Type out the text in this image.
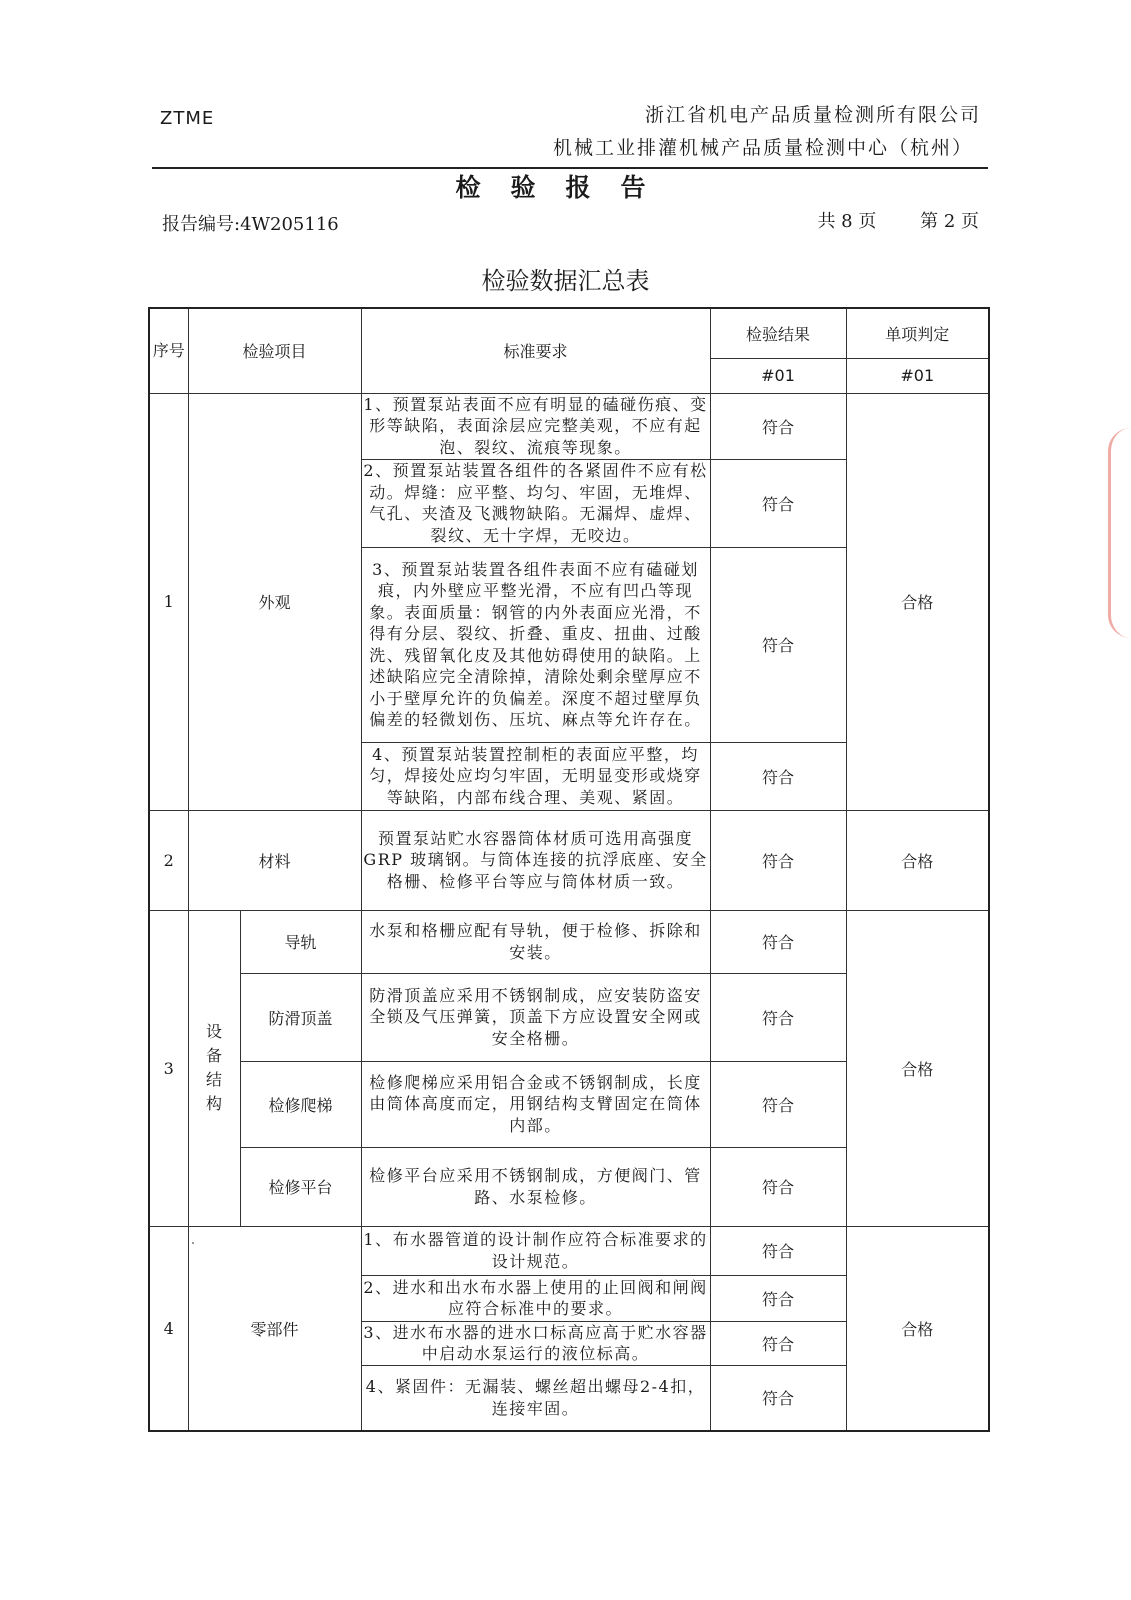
ZTME	浙江省机电产品质量检测所有限公司
机械工业排灌机械产品质量检测中心（杭州）
检验报告
报告编号:4W205116	共 8 页 第 2 页
检验数据汇总表
序号	检验项目		标准要求	检验结果	单项判定
				#01	#01
1	外观		1、预置泵站表面不应有明显的磕碰伤痕、变形等缺陷，表面涂层应完整美观，不应有起泡、裂纹、流痕等现象。	符合	合格
			2、预置泵站装置各组件的各紧固件不应有松动。焊缝：应平整、均匀、牢固，无堆焊、气孔、夹渣及飞溅物缺陷。无漏焊、虚焊、裂纹、无十字焊，无咬边。	符合	
			3、预置泵站装置各组件表面不应有磕碰划痕，内外壁应平整光滑，不应有凹凸等现象。表面质量：钢管的内外表面应光滑，不得有分层、裂纹、折叠、重皮、扭曲、过酸洗、残留氧化皮及其他妨碍使用的缺陷。上述缺陷应完全清除掉，清除处剩余壁厚应不小于壁厚允许的负偏差。深度不超过壁厚负偏差的轻微划伤、压坑、麻点等允许存在。	符合	
			4、预置泵站装置控制柜的表面应平整，均匀，焊接处应均匀牢固，无明显变形或烧穿等缺陷，内部布线合理、美观、紧固。	符合	
2	材料		预置泵站贮水容器筒体材质可选用高强度 GRP 玻璃钢。与筒体连接的抗浮底座、安全格栅、检修平台等应与筒体材质一致。	符合	合格
3	设备结构	导轨	水泵和格栅应配有导轨，便于检修、拆除和安装。	符合	合格
		防滑顶盖	防滑顶盖应采用不锈钢制成，应安装防盗安全锁及气压弹簧，顶盖下方应设置安全网或安全格栅。	符合	
		检修爬梯	检修爬梯应采用铝合金或不锈钢制成，长度由筒体高度而定，用钢结构支臂固定在筒体内部。	符合	
		检修平台	检修平台应采用不锈钢制成，方便阀门、管路、水泵检修。	符合	
4	零部件		1、布水器管道的设计制作应符合标准要求的设计规范。	符合	合格
			2、进水和出水布水器上使用的止回阀和闸阀应符合标准中的要求。	符合	
			3、进水布水器的进水口标高应高于贮水容器中启动水泵运行的液位标高。	符合	
			4、紧固件：无漏装、螺丝超出螺母2-4扣，连接牢固。	符合	
